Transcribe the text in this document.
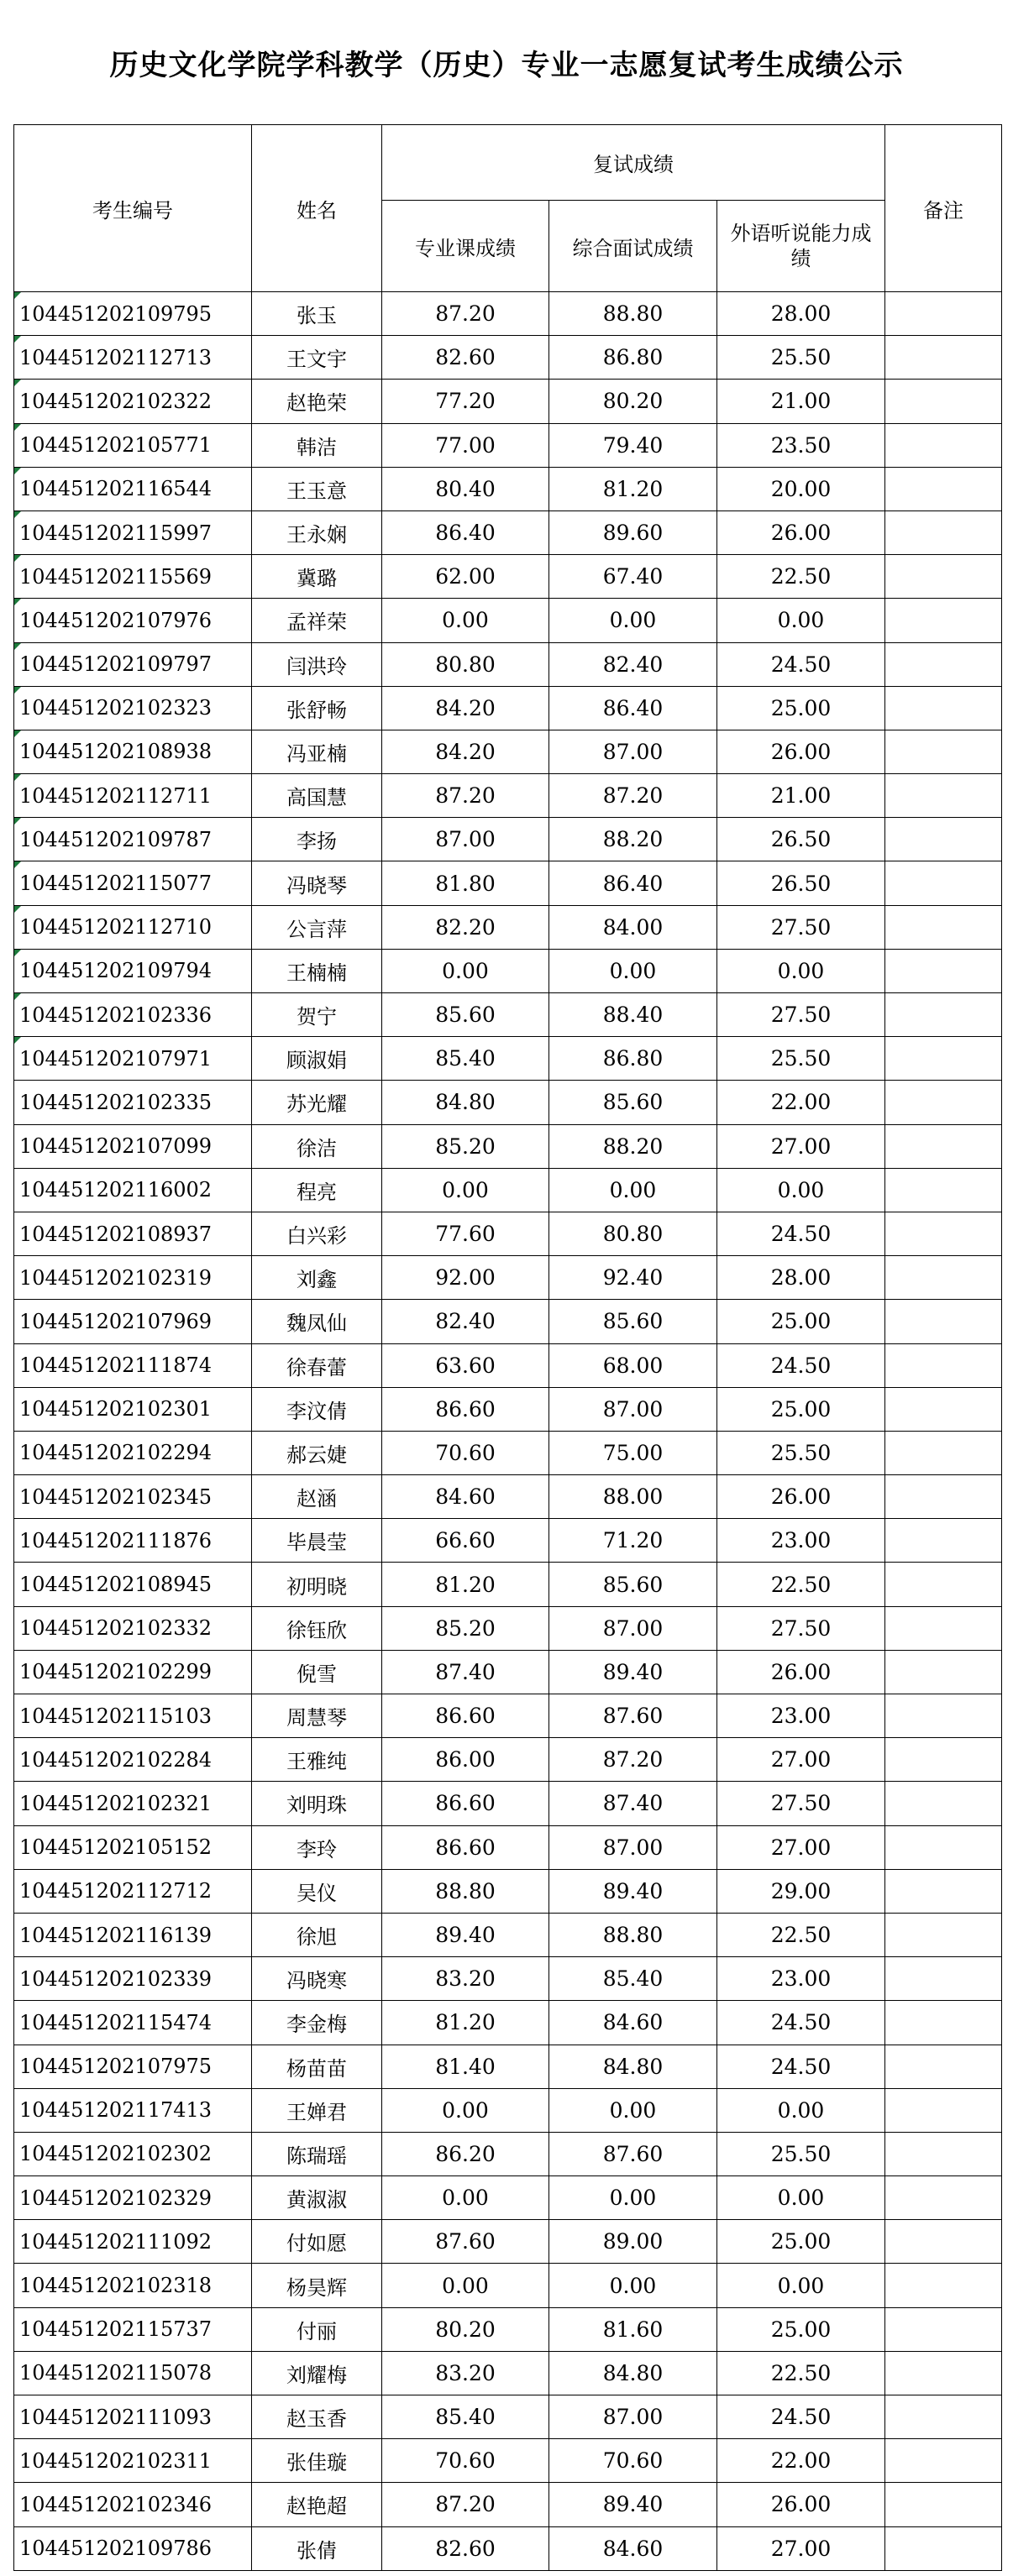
历史文化学院学科教学（历史）专业一志愿复试考生成绩公示
考生编号	姓名	复试成绩			备注
		专业课成绩	综合面试成绩	外语听说能力成绩	

104451202109795	张玉	87.20	88.80	28.00	

104451202112713	王文宇	82.60	86.80	25.50	

104451202102322	赵艳荣	77.20	80.20	21.00	

104451202105771	韩洁	77.00	79.40	23.50	

104451202116544	王玉意	80.40	81.20	20.00	

104451202115997	王永娴	86.40	89.60	26.00	

104451202115569	冀璐	62.00	67.40	22.50	

104451202107976	孟祥荣	0.00	0.00	0.00	

104451202109797	闫洪玲	80.80	82.40	24.50	

104451202102323	张舒畅	84.20	86.40	25.00	

104451202108938	冯亚楠	84.20	87.00	26.00	

104451202112711	高国慧	87.20	87.20	21.00	

104451202109787	李扬	87.00	88.20	26.50	

104451202115077	冯晓琴	81.80	86.40	26.50	

104451202112710	公言萍	82.20	84.00	27.50	

104451202109794	王楠楠	0.00	0.00	0.00	

104451202102336	贺宁	85.60	88.40	27.50	

104451202107971	顾淑娟	85.40	86.80	25.50	
104451202102335	苏光耀	84.80	85.60	22.00	
104451202107099	徐洁	85.20	88.20	27.00	
104451202116002	程亮	0.00	0.00	0.00	
104451202108937	白兴彩	77.60	80.80	24.50	
104451202102319	刘鑫	92.00	92.40	28.00	
104451202107969	魏凤仙	82.40	85.60	25.00	
104451202111874	徐春蕾	63.60	68.00	24.50	
104451202102301	李汶倩	86.60	87.00	25.00	
104451202102294	郝云婕	70.60	75.00	25.50	
104451202102345	赵涵	84.60	88.00	26.00	
104451202111876	毕晨莹	66.60	71.20	23.00	
104451202108945	初明晓	81.20	85.60	22.50	
104451202102332	徐钰欣	85.20	87.00	27.50	
104451202102299	倪雪	87.40	89.40	26.00	
104451202115103	周慧琴	86.60	87.60	23.00	
104451202102284	王雅纯	86.00	87.20	27.00	
104451202102321	刘明珠	86.60	87.40	27.50	
104451202105152	李玲	86.60	87.00	27.00	
104451202112712	吴仪	88.80	89.40	29.00	
104451202116139	徐旭	89.40	88.80	22.50	
104451202102339	冯晓寒	83.20	85.40	23.00	
104451202115474	李金梅	81.20	84.60	24.50	
104451202107975	杨苗苗	81.40	84.80	24.50	
104451202117413	王婵君	0.00	0.00	0.00	
104451202102302	陈瑞瑶	86.20	87.60	25.50	
104451202102329	黄淑淑	0.00	0.00	0.00	
104451202111092	付如愿	87.60	89.00	25.00	
104451202102318	杨昊辉	0.00	0.00	0.00	
104451202115737	付丽	80.20	81.60	25.00	
104451202115078	刘耀梅	83.20	84.80	22.50	
104451202111093	赵玉香	85.40	87.00	24.50	
104451202102311	张佳璇	70.60	70.60	22.00	
104451202102346	赵艳超	87.20	89.40	26.00	
104451202109786	张倩	82.60	84.60	27.00	
